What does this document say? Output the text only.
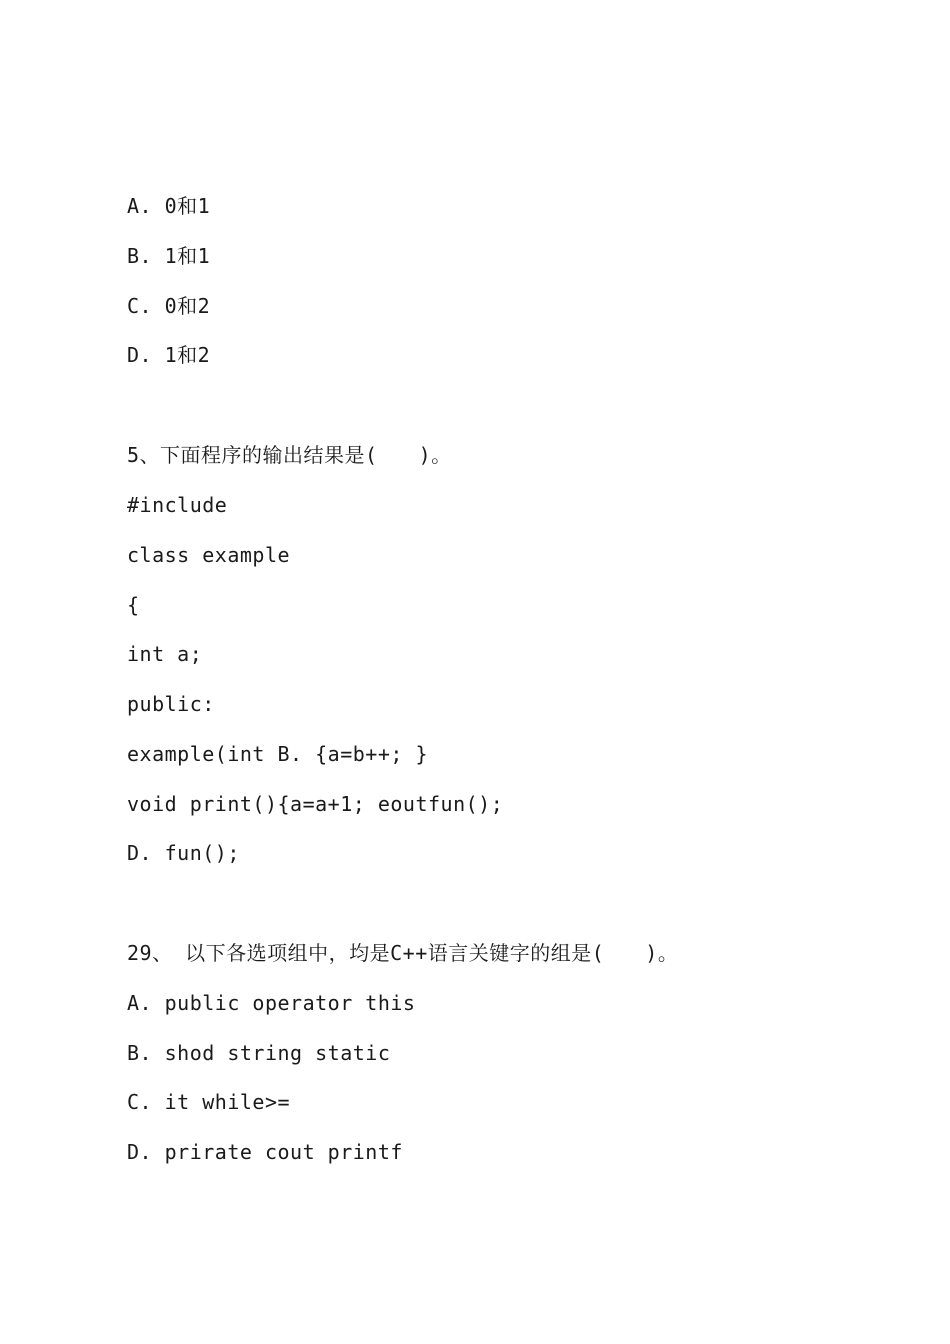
A. 0和1
B. 1和1
C. 0和2
D. 1和2
5、下面程序的输出结果是(　　)。
#include
class example
{
int a;
public:
example(int B. {a=b++; }
void print(){a=a+1; eoutfun();
D. fun();
29、 以下各选项组中，均是C++语言关键字的组是(　　)。
A. public operator this
B. shod string static
C. it while>=
D. prirate cout printf
